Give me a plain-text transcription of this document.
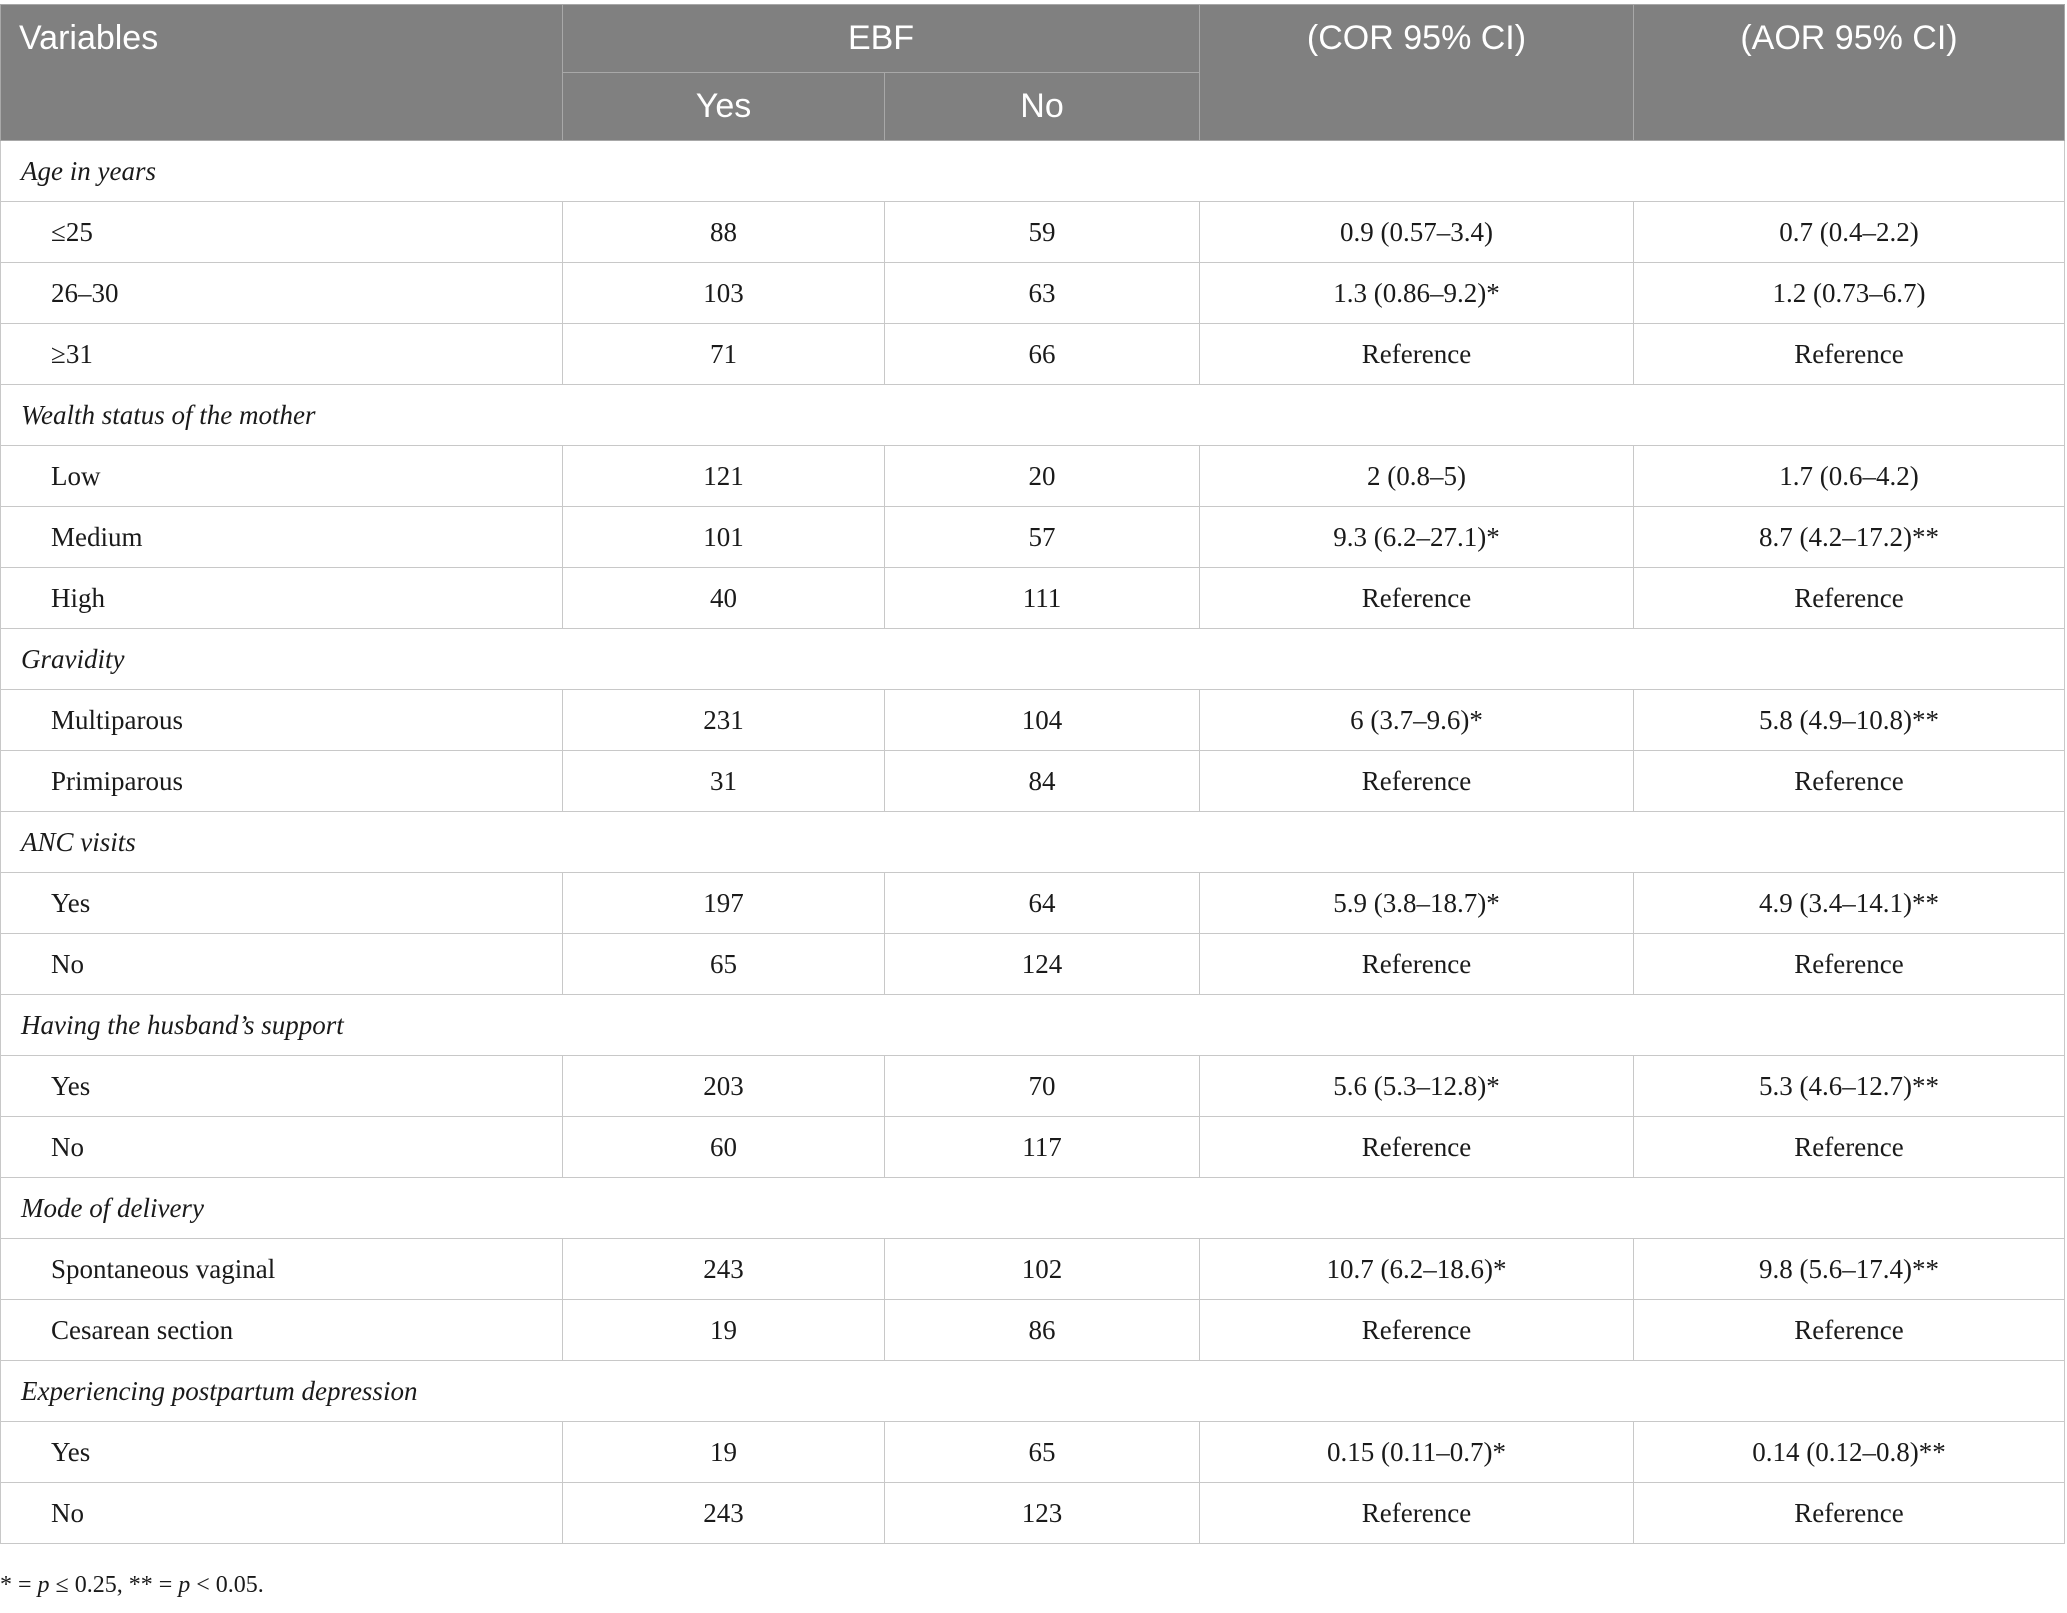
Variables	EBF		(COR 95% CI)	(AOR 95% CI)
	Yes	No		
Age in years				
≤25	88	59	0.9 (0.57–3.4)	0.7 (0.4–2.2)
26–30	103	63	1.3 (0.86–9.2)*	1.2 (0.73–6.7)
≥31	71	66	Reference	Reference
Wealth status of the mother				
Low	121	20	2 (0.8–5)	1.7 (0.6–4.2)
Medium	101	57	9.3 (6.2–27.1)*	8.7 (4.2–17.2)**
High	40	111	Reference	Reference
Gravidity				
Multiparous	231	104	6 (3.7–9.6)*	5.8 (4.9–10.8)**
Primiparous	31	84	Reference	Reference
ANC visits				
Yes	197	64	5.9 (3.8–18.7)*	4.9 (3.4–14.1)**
No	65	124	Reference	Reference
Having the husband’s support				
Yes	203	70	5.6 (5.3–12.8)*	5.3 (4.6–12.7)**
No	60	117	Reference	Reference
Mode of delivery				
Spontaneous vaginal	243	102	10.7 (6.2–18.6)*	9.8 (5.6–17.4)**
Cesarean section	19	86	Reference	Reference
Experiencing postpartum depression				
Yes	19	65	0.15 (0.11–0.7)*	0.14 (0.12–0.8)**
No	243	123	Reference	Reference
* = p ≤ 0.25, ** = p < 0.05.
